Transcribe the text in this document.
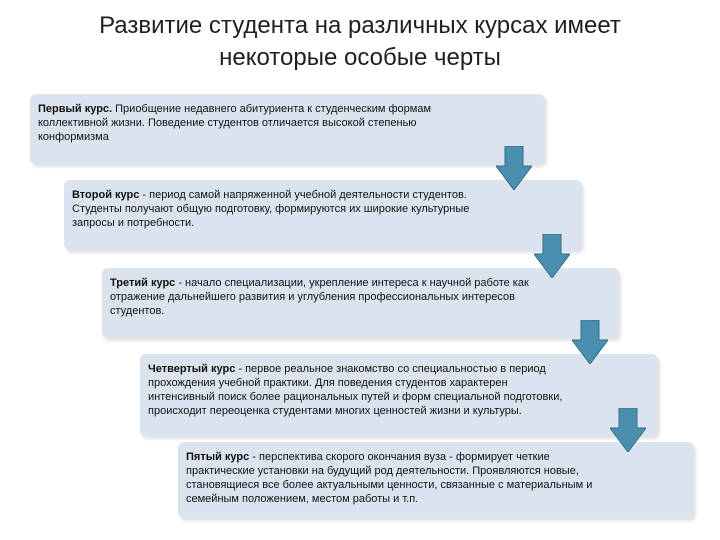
Развитие студента на различных курсах имеет некоторые особые черты
Первый курс. Приобщение недавнего абитуриента к студенческим формам коллективной жизни. Поведение студентов отличается высокой степенью конформизма
Второй курс - период самой напряженной учебной деятельности студентов. Студенты получают общую подготовку, формируются их широкие культурные запросы и потребности.
Третий курс - начало специализации, укрепление интереса к научной работе как отражение дальнейшего развития и углубления профессиональных интересов студентов.
Четвертый курс - первое реальное знакомство со специальностью в период прохождения учебной практики. Для поведения студентов характерен интенсивный поиск более рациональных путей и форм специальной подготовки, происходит переоценка студентами многих ценностей жизни и культуры.
Пятый курс - перспектива скорого окончания вуза - формирует четкие практические установки на будущий род деятельности. Проявляются новые, становящиеся все более актуальными ценности, связанные с материальным и семейным положением, местом работы и т.п.
